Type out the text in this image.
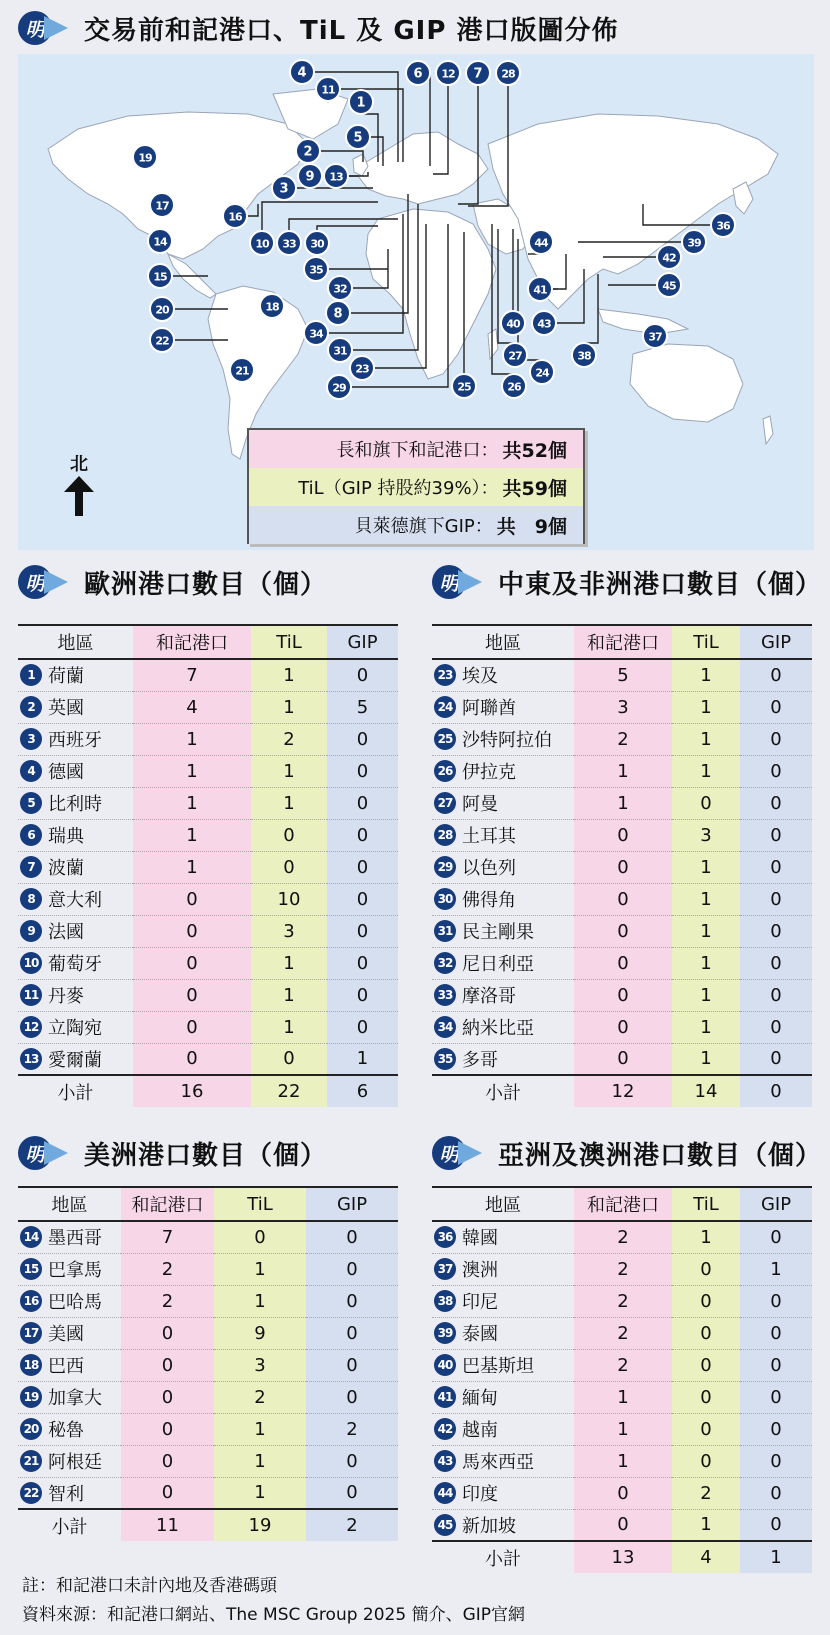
明 交易前和記港口、TiL 及 GIP 港口版圖分佈
4	6 12 7 28
11
1
5
2
9 13
3
19
17
16
14	10 33 30	44
36
39
42
15
35
41	45
32
20	18
34
8
40 43
37
22
31	38
27
23	24
21
29	25	26
長和旗下和記港口： 共52個
TiL（GIP 持股約39%）： 共59個
貝萊德旗下GIP： 共　9個
北
明 歐洲港口數目（個）	明 中東及非洲港口數目（個）
明 美洲港口數目（個）	明 亞洲及澳洲港口數目（個）
地區	和記港口	TiL	GIP
1 荷蘭	7	1	0
2 英國	4	1	5
3 西班牙	1	2	0
4 德國	1	1	0
5 比利時	1	1	0
6 瑞典	1	0	0
7 波蘭	1	0	0
8 意大利	0	10	0
9 法國	0	3	0
10 葡萄牙	0	1	0
11 丹麥	0	1	0
12 立陶宛	0	1	0
13 愛爾蘭	0	0	1
小計	16	22	6
地區	和記港口	TiL	GIP
23 埃及	5	1	0
24 阿聯酋	3	1	0
25 沙特阿拉伯	2	1	0
26 伊拉克	1	1	0
27 阿曼	1	0	0
28 土耳其	0	3	0
29 以色列	0	1	0
30 佛得角	0	1	0
31 民主剛果	0	1	0
32 尼日利亞	0	1	0
33 摩洛哥	0	1	0
34 納米比亞	0	1	0
35 多哥	0	1	0
小計	12	14	0
地區	和記港口	TiL	GIP
14 墨西哥	7	0	0
15 巴拿馬	2	1	0
16 巴哈馬	2	1	0
17 美國	0	9	0
18 巴西	0	3	0
19 加拿大	0	2	0
20 秘魯	0	1	2
21 阿根廷	0	1	0
22 智利	0	1	0
小計	11	19	2
地區	和記港口	TiL	GIP
36 韓國	2	1	0
37 澳洲	2	0	1
38 印尼	2	0	0
39 泰國	2	0	0
40 巴基斯坦	2	0	0
41 緬甸	1	0	0
42 越南	1	0	0
43 馬來西亞	1	0	0
44 印度	0	2	0
45 新加坡	0	1	0
小計	13	4	1
註：和記港口未計內地及香港碼頭
資料來源：和記港口網站、The MSC Group 2025 簡介、GIP官網
